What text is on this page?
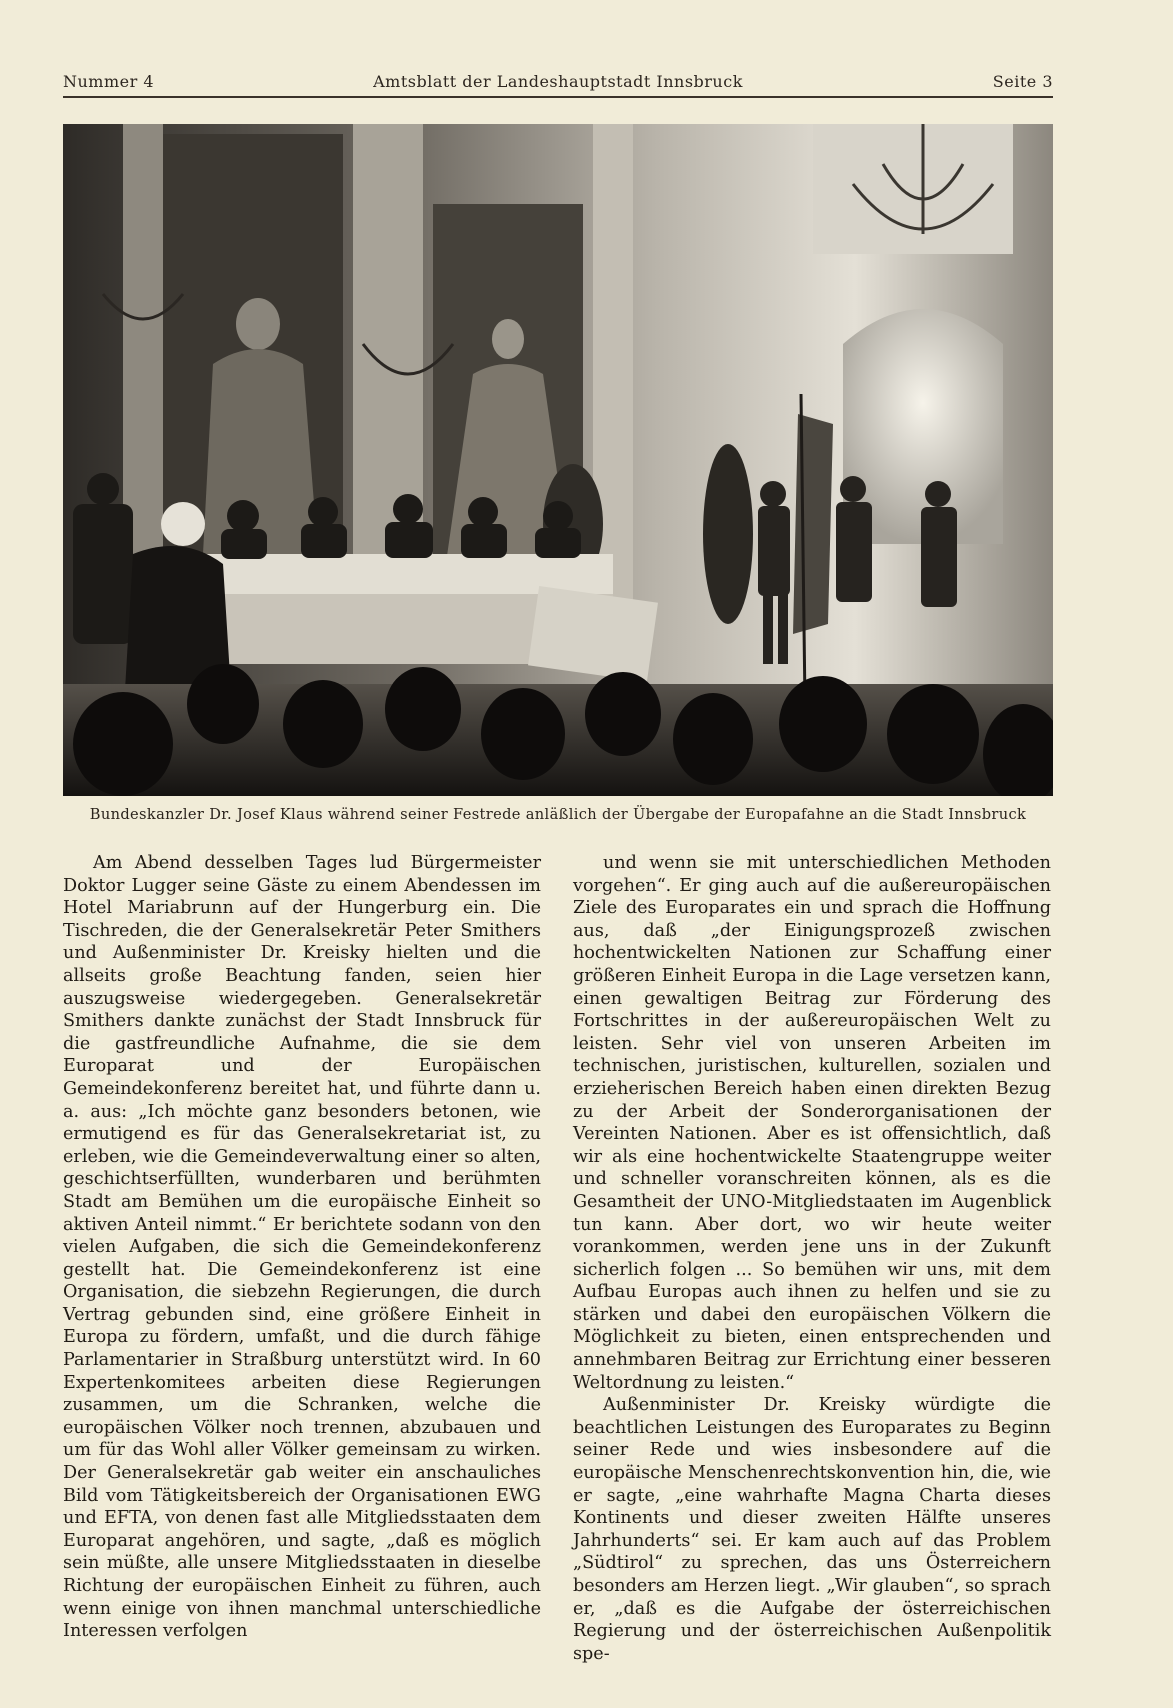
Nummer 4	Amtsblatt der Landeshauptstadt Innsbruck	Seite 3
Bundeskanzler Dr. Josef Klaus während seiner Festrede anläßlich der Übergabe der Europafahne an die Stadt Innsbruck

Am Abend desselben Tages lud Bürgermeister Doktor Lugger seine Gäste zu einem Abendessen im Hotel Mariabrunn auf der Hungerburg ein. Die Tischreden, die der Generalsekretär Peter Smithers und Außenminister Dr. Kreisky hielten und die allseits große Beachtung fanden, seien hier auszugsweise wiedergegeben. Generalsekretär Smithers dankte zunächst der Stadt Innsbruck für die gastfreundliche Aufnahme, die sie dem Europarat und der Europäischen Gemeindekonferenz bereitet hat, und führte dann u. a. aus: „Ich möchte ganz besonders betonen, wie ermutigend es für das Generalsekretariat ist, zu erleben, wie die Gemeindeverwaltung einer so alten, geschichtserfüllten, wunderbaren und berühmten Stadt am Bemühen um die europäische Einheit so aktiven Anteil nimmt.“ Er berichtete sodann von den vielen Aufgaben, die sich die Gemeindekonferenz gestellt hat. Die Gemeindekonferenz ist eine Organisation, die siebzehn Regierungen, die durch Vertrag gebunden sind, eine größere Einheit in Europa zu fördern, umfaßt, und die durch fähige Parlamentarier in Straßburg unterstützt wird. In 60 Expertenkomitees arbeiten diese Regierungen zusammen, um die Schranken, welche die europäischen Völker noch trennen, abzubauen und um für das Wohl aller Völker gemeinsam zu wirken. Der Generalsekretär gab weiter ein anschauliches Bild vom Tätigkeitsbereich der Organisationen EWG und EFTA, von denen fast alle Mitgliedsstaaten dem Europarat angehören, und sagte, „daß es möglich sein müßte, alle unsere Mitgliedsstaaten in dieselbe Richtung der europäischen Einheit zu führen, auch wenn einige von ihnen manchmal unterschiedliche Interessen verfolgen

und wenn sie mit unterschiedlichen Methoden vorgehen“. Er ging auch auf die außereuropäischen Ziele des Europarates ein und sprach die Hoffnung aus, daß „der Einigungsprozeß zwischen hochentwickelten Nationen zur Schaffung einer größeren Einheit Europa in die Lage versetzen kann, einen gewaltigen Beitrag zur Förderung des Fortschrittes in der außereuropäischen Welt zu leisten. Sehr viel von unseren Arbeiten im technischen, juristischen, kulturellen, sozialen und erzieherischen Bereich haben einen direkten Bezug zu der Arbeit der Sonderorganisationen der Vereinten Nationen. Aber es ist offensichtlich, daß wir als eine hochentwickelte Staatengruppe weiter und schneller voranschreiten können, als es die Gesamtheit der UNO-Mitgliedstaaten im Augenblick tun kann. Aber dort, wo wir heute weiter vorankommen, werden jene uns in der Zukunft sicherlich folgen ... So bemühen wir uns, mit dem Aufbau Europas auch ihnen zu helfen und sie zu stärken und dabei den europäischen Völkern die Möglichkeit zu bieten, einen entsprechenden und annehmbaren Beitrag zur Errichtung einer besseren Weltordnung zu leisten.“

Außenminister Dr. Kreisky würdigte die beachtlichen Leistungen des Europarates zu Beginn seiner Rede und wies insbesondere auf die europäische Menschenrechtskonvention hin, die, wie er sagte, „eine wahrhafte Magna Charta dieses Kontinents und dieser zweiten Hälfte unseres Jahrhunderts“ sei. Er kam auch auf das Problem „Südtirol“ zu sprechen, das uns Österreichern besonders am Herzen liegt. „Wir glauben“, so sprach er, „daß es die Aufgabe der österreichischen Regierung und der österreichischen Außenpolitik spe-
